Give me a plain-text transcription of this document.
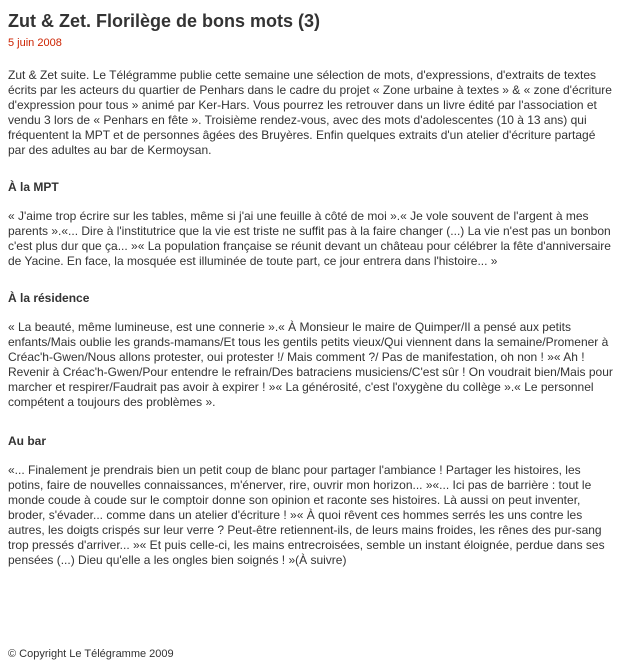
Zut & Zet. Florilège de bons mots (3)
5 juin 2008

Zut & Zet suite. Le Télégramme publie cette semaine une sélection de mots, d'expressions, d'extraits de textes écrits par les acteurs du quartier de Penhars dans le cadre du projet « Zone urbaine à textes » & « zone d'écriture d'expression pour tous » animé par Ker-Hars. Vous pourrez les retrouver dans un livre édité par l'association et vendu 3 lors de « Penhars en fête ». Troisième rendez-vous, avec des mots d'adolescentes (10 à 13 ans) qui fréquentent la MPT et de personnes âgées des Bruyères. Enfin quelques extraits d'un atelier d'écriture partagé par des adultes au bar de Kermoysan.

À la MPT

« J'aime trop écrire sur les tables, même si j'ai une feuille à côté de moi ».« Je vole souvent de l'argent à mes parents ».«... Dire à l'institutrice que la vie est triste ne suffit pas à la faire changer (...) La vie n'est pas un bonbon c'est plus dur que ça... »« La population française se réunit devant un château pour célébrer la fête d'anniversaire de Yacine. En face, la mosquée est illuminée de toute part, ce jour entrera dans l'histoire... »

À la résidence

« La beauté, même lumineuse, est une connerie ».« À Monsieur le maire de Quimper/Il a pensé aux petits enfants/Mais oublie les grands-mamans/Et tous les gentils petits vieux/Qui viennent dans la semaine/Promener à Créac'h-Gwen/Nous allons protester, oui protester !/ Mais comment ?/ Pas de manifestation, oh non ! »« Ah ! Revenir à Créac'h-Gwen/Pour entendre le refrain/Des batraciens musiciens/C'est sûr ! On voudrait bien/Mais pour marcher et respirer/Faudrait pas avoir à expirer ! »« La générosité, c'est l'oxygène du collège ».« Le personnel compétent a toujours des problèmes ».

Au bar

«... Finalement je prendrais bien un petit coup de blanc pour partager l'ambiance ! Partager les histoires, les potins, faire de nouvelles connaissances, m'énerver, rire, ouvrir mon horizon... »«... Ici pas de barrière : tout le monde coude à coude sur le comptoir donne son opinion et raconte ses histoires. Là aussi on peut inventer, broder, s'évader... comme dans un atelier d'écriture ! »« À quoi rêvent ces hommes serrés les uns contre les autres, les doigts crispés sur leur verre ? Peut-être retiennent-ils, de leurs mains froides, les rênes des pur-sang trop pressés d'arriver... »« Et puis celle-ci, les mains entrecroisées, semble un instant éloignée, perdue dans ses pensées (...) Dieu qu'elle a les ongles bien soignés ! »(À suivre)

© Copyright Le Télégramme 2009
